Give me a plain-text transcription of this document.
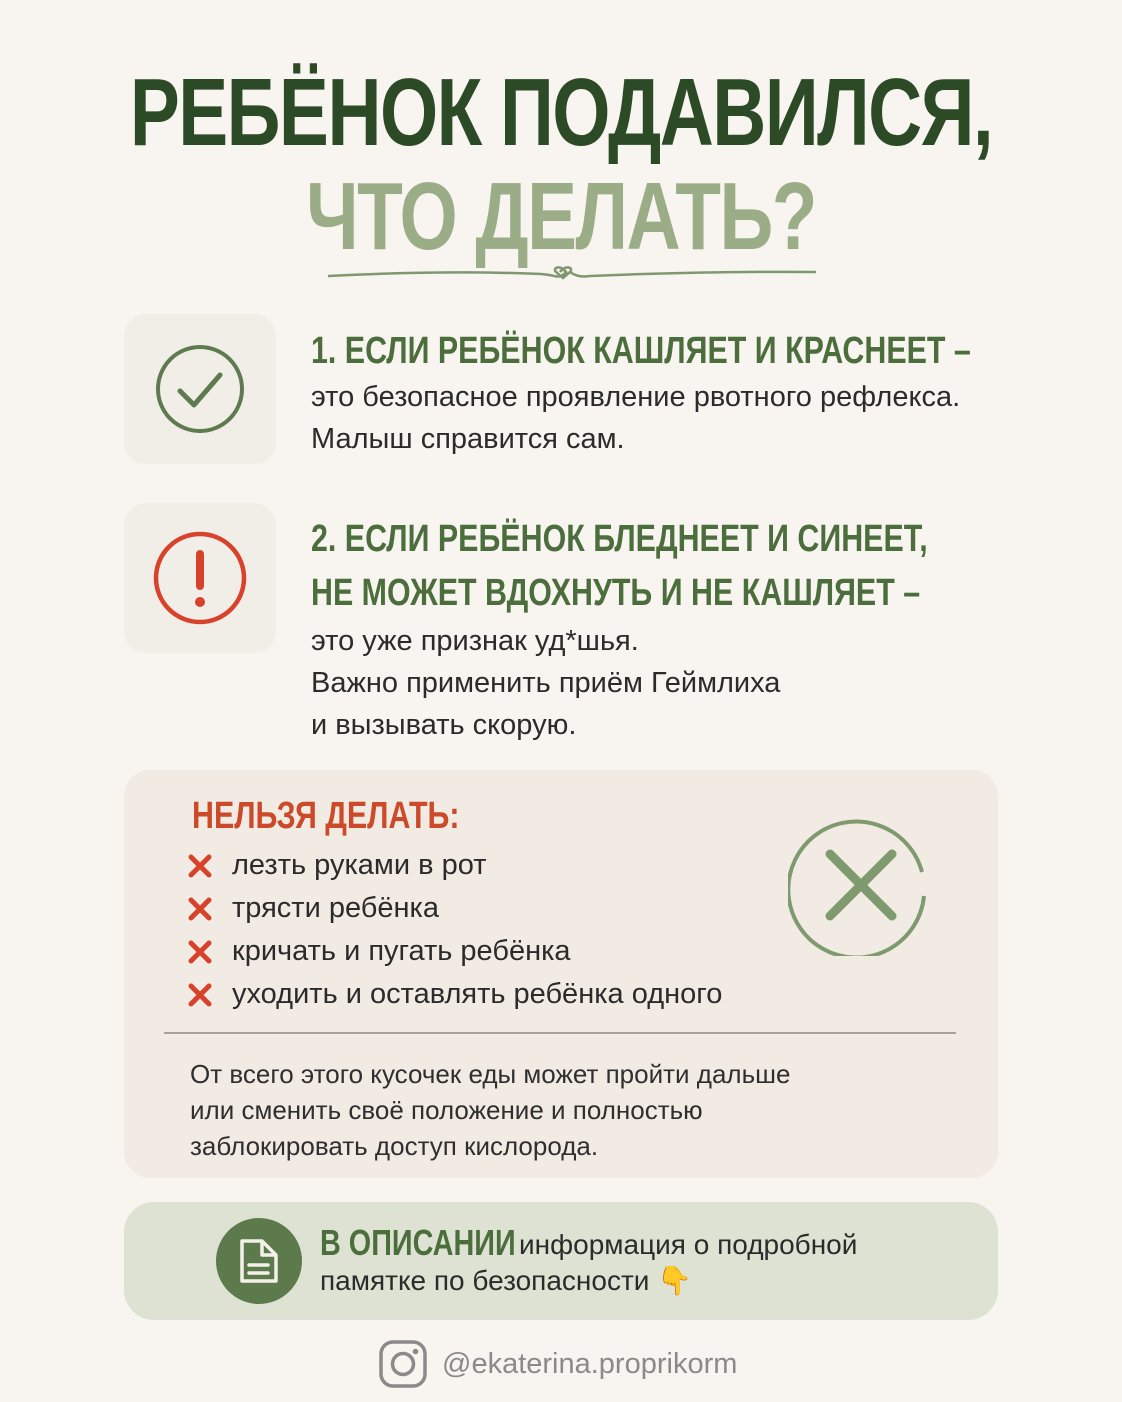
РЕБЁНОК ПОДАВИЛСЯ,
ЧТО ДЕЛАТЬ?
1. ЕСЛИ РЕБЁНОК КАШЛЯЕТ И КРАСНЕЕТ –
это безопасное проявление рвотного рефлекса.
Малыш справится сам.
2. ЕСЛИ РЕБЁНОК БЛЕДНЕЕТ И СИНЕЕТ,
НЕ МОЖЕТ ВДОХНУТЬ И НЕ КАШЛЯЕТ –
это уже признак уд*шья.
Важно применить приём Геймлиха
и вызывать скорую.
НЕЛЬЗЯ ДЕЛАТЬ:
лезть руками в рот
трясти ребёнка
кричать и пугать ребёнка
уходить и оставлять ребёнка одного
От всего этого кусочек еды может пройти дальше
или сменить своё положение и полностью
заблокировать доступ кислорода.
В ОПИСАНИИ информация о подробной
памятке по безопасности 👇
@ekaterina.proprikorm
